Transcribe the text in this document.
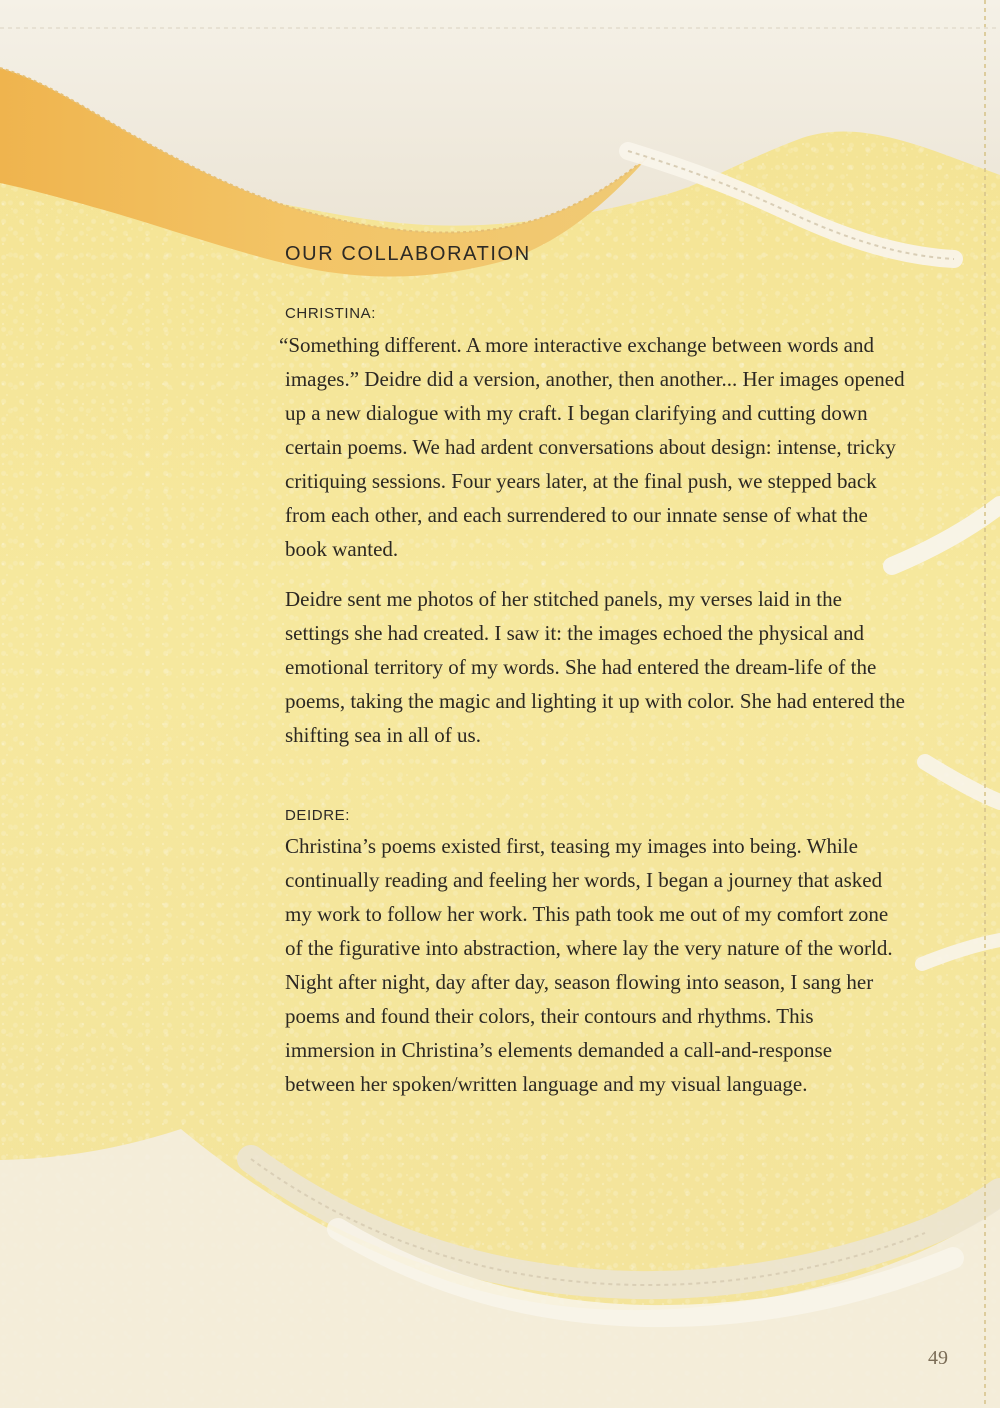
OUR COLLABORATION
CHRISTINA:

“Something different. A more interactive exchange between words and images.” Deidre did a version, another, then another... Her images opened up a new dialogue with my craft. I began clarifying and cutting down certain poems. We had ardent conversations about design: intense, tricky critiquing sessions. Four years later, at the final push, we stepped back from each other, and each surrendered to our innate sense of what the book wanted.

Deidre sent me photos of her stitched panels, my verses laid in the settings she had created. I saw it: the images echoed the physical and emotional territory of my words. She had entered the dream-life of the poems, taking the magic and lighting it up with color. She had entered the shifting sea in all of us.

DEIDRE:

Christina’s poems existed first, teasing my images into being. While continually reading and feeling her words, I began a journey that asked my work to follow her work. This path took me out of my comfort zone of the figurative into abstraction, where lay the very nature of the world. Night after night, day after day, season flowing into season, I sang her poems and found their colors, their contours and rhythms. This immersion in Christina’s elements demanded a call-and-response between her spoken/written language and my visual language.

49
